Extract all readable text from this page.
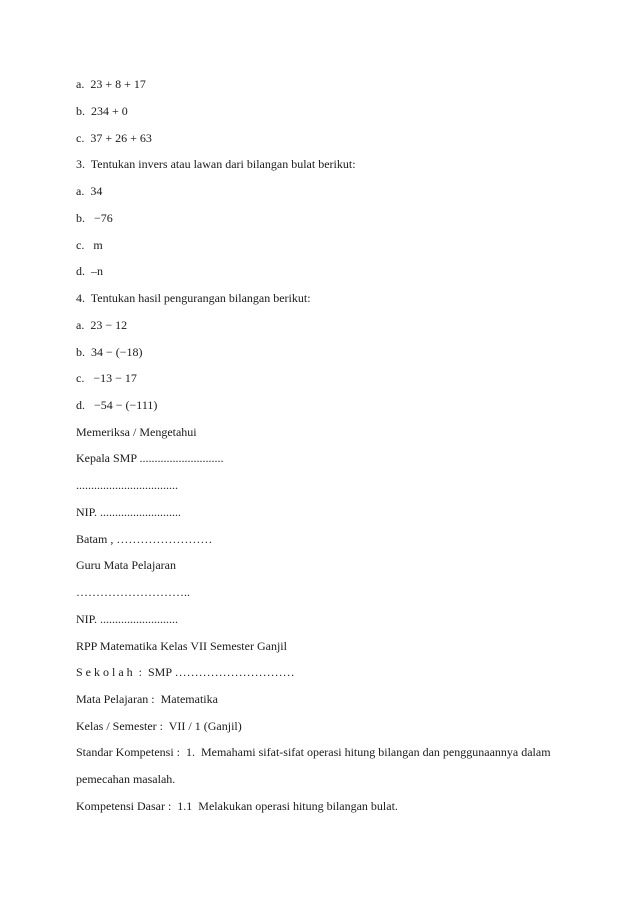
a.  23 + 8 + 17
b.  234 + 0
c.  37 + 26 + 63
3.  Tentukan invers atau lawan dari bilangan bulat berikut:
a.  34
b.   −76
c.   m
d.  –n
4.  Tentukan hasil pengurangan bilangan berikut:
a.  23 − 12
b.  34 − (−18)
c.   −13 − 17
d.   −54 − (−111)
Memeriksa / Mengetahui
Kepala SMP ............................
..................................
NIP. ...........................
Batam , ……………………
Guru Mata Pelajaran
………………………..
NIP. ..........................
RPP Matematika Kelas VII Semester Ganjil
S e k o l a h  :  SMP …………………………
Mata Pelajaran :  Matematika
Kelas / Semester :  VII / 1 (Ganjil)
Standar Kompetensi :  1.  Memahami sifat-sifat operasi hitung bilangan dan penggunaannya dalam
pemecahan masalah.
Kompetensi Dasar :  1.1  Melakukan operasi hitung bilangan bulat.
